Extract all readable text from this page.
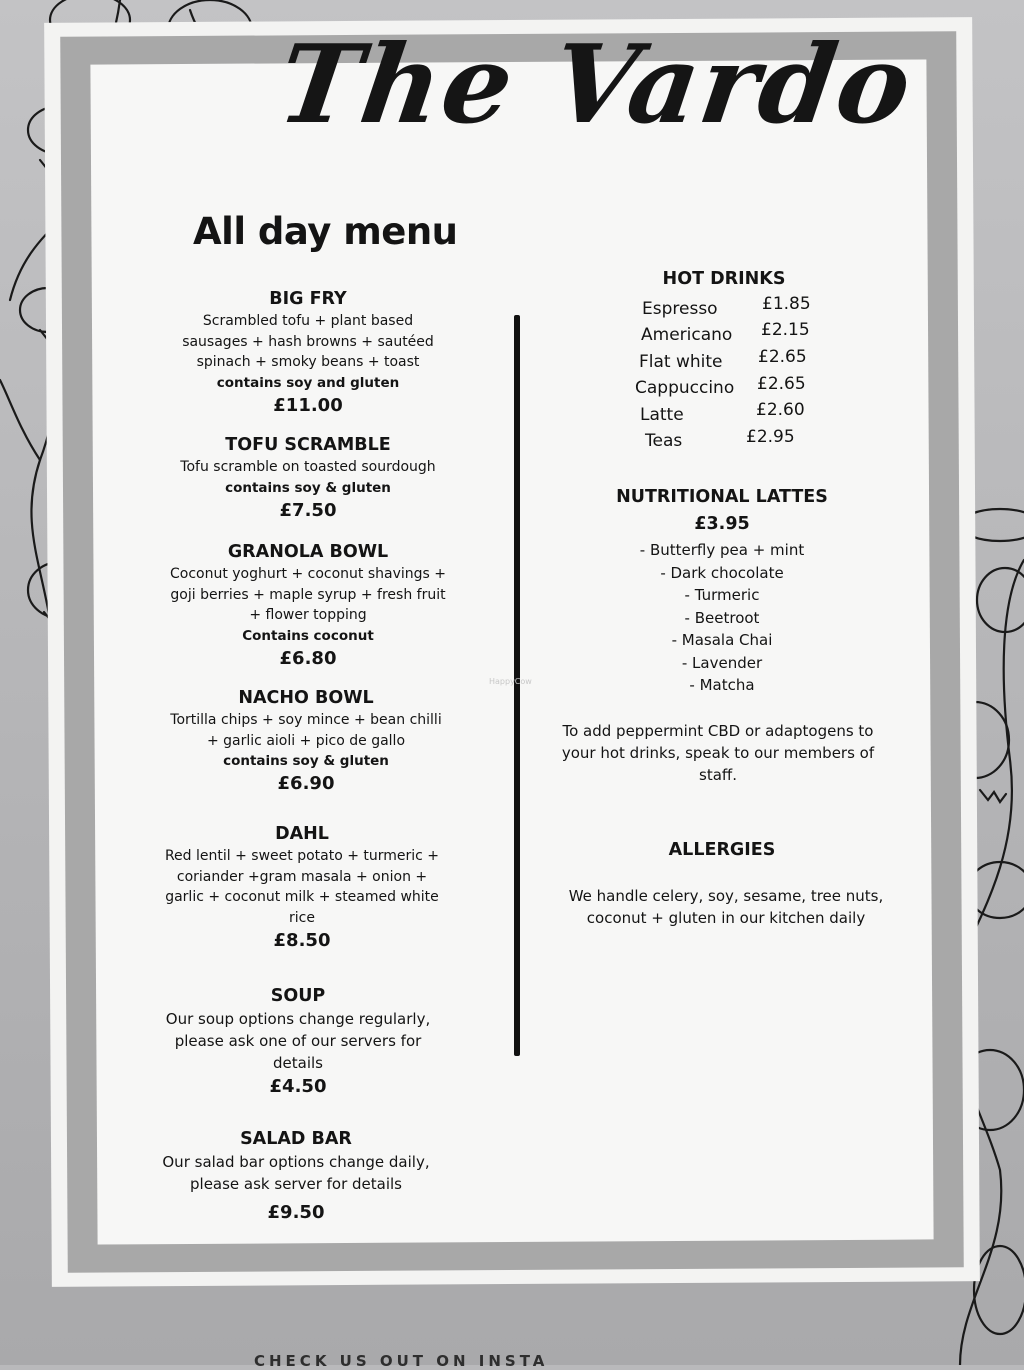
The Vardo
All day menu
BIG FRY
Scrambled tofu + plant based
sausages + hash browns + sautéed
spinach + smoky beans + toast
contains soy and gluten
£11.00
TOFU SCRAMBLE
Tofu scramble on toasted sourdough
contains soy & gluten
£7.50
GRANOLA BOWL
Coconut yoghurt + coconut shavings +
goji berries + maple syrup + fresh fruit
+ flower topping
Contains coconut
£6.80
NACHO BOWL
Tortilla chips + soy mince + bean chilli
+ garlic aioli + pico de gallo
contains soy & gluten
£6.90
DAHL
Red lentil + sweet potato + turmeric +
coriander +gram masala + onion +
garlic + coconut milk + steamed white
rice
£8.50
SOUP
Our soup options change regularly,
please ask one of our servers for
details
£4.50
SALAD BAR
Our salad bar options change daily,
please ask server for details
£9.50
HOT DRINKS
Espresso	£1.85
Americano £2.15
Flat white £2.65
Cappuccino £2.65
Latte	£2.60
Teas	£2.95
NUTRITIONAL LATTES
£3.95
- Butterfly pea + mint
- Dark chocolate
- Turmeric
- Beetroot
- Masala Chai
- Lavender
- Matcha
To add peppermint CBD or adaptogens to
your hot drinks, speak to our members of
staff.
ALLERGIES
We handle celery, soy, sesame, tree nuts,
coconut + gluten in our kitchen daily
HappyCow
CHECK US OUT ON INSTA
